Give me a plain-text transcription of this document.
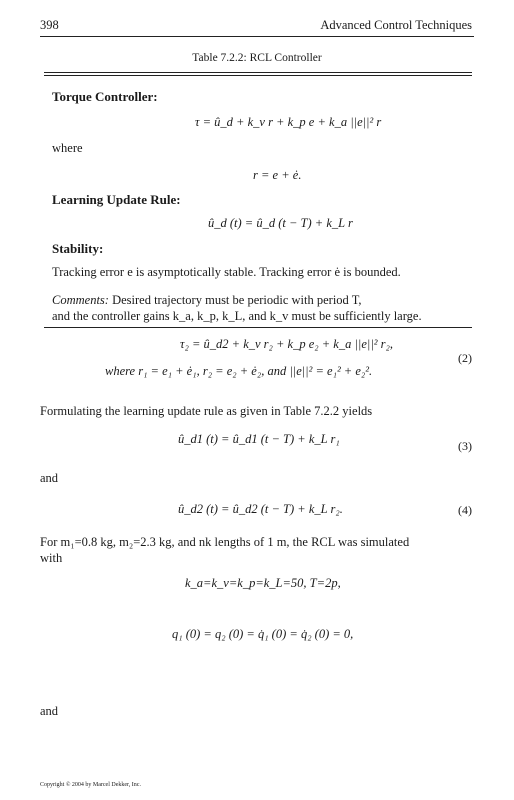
398	Advanced Control Techniques
Table 7.2.2: RCL Controller
Torque Controller:
τ = û_d + k_v r + k_p e + k_a ||e||² r
where
r = e + ė.
Learning Update Rule:
û_d (t) = û_d (t − T) + k_L r
Stability:
Tracking error e is asymptotically stable. Tracking error ė is bounded.
Comments: Desired trajectory must be periodic with period T,
and the controller gains k_a, k_p, k_L, and k_v must be sufficiently large.
τ₂ = û_d2 + k_v r₂ + k_p e₂ + k_a ||e||² r₂,
where r₁ = e₁ + ė₁, r₂ = e₂ + ė₂, and ||e||² = e₁² + e₂².
(2)
Formulating the learning update rule as given in Table 7.2.2 yields
û_d1 (t) = û_d1 (t − T) + k_L r₁	(3)
and
û_d2 (t) = û_d2 (t − T) + k_L r₂.	(4)
For m₁=0.8 kg, m₂=2.3 kg, and nk lengths of 1 m, the RCL was simulated
with
k_a=k_v=k_p=k_L=50, T=2p,
q₁ (0) = q₂ (0) = q̇₁ (0) = q̇₂ (0) = 0,
and
Copyright © 2004 by Marcel Dekker, Inc.
